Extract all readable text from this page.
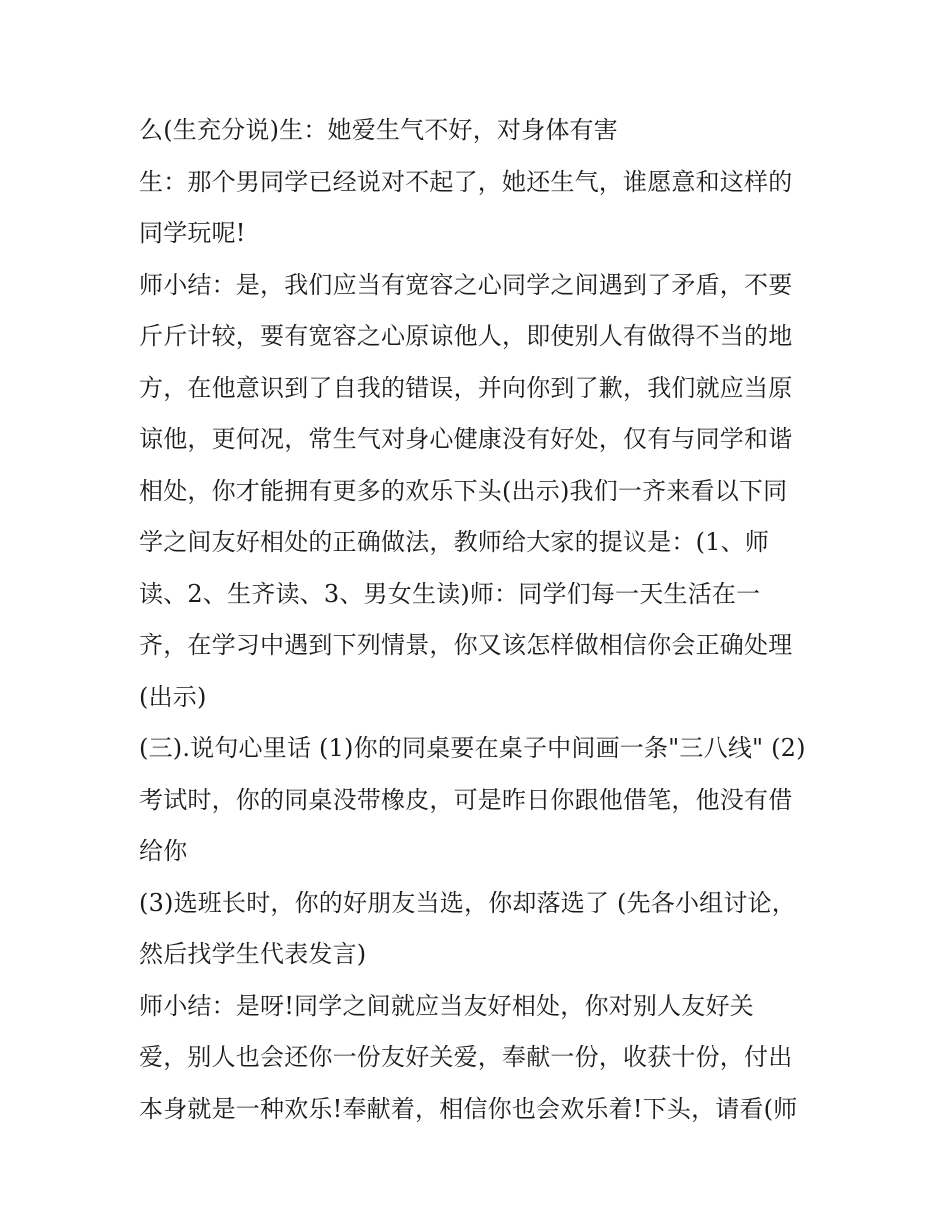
么(生充分说)生：她爱生气不好，对身体有害
生：那个男同学已经说对不起了，她还生气，谁愿意和这样的
同学玩呢!
师小结：是，我们应当有宽容之心同学之间遇到了矛盾，不要
斤斤计较，要有宽容之心原谅他人，即使别人有做得不当的地
方，在他意识到了自我的错误，并向你到了歉，我们就应当原
谅他，更何况，常生气对身心健康没有好处，仅有与同学和谐
相处，你才能拥有更多的欢乐下头(出示)我们一齐来看以下同
学之间友好相处的正确做法，教师给大家的提议是：(1、师
读、2、生齐读、3、男女生读)师：同学们每一天生活在一
齐，在学习中遇到下列情景，你又该怎样做相信你会正确处理
(出示)
(三).说句心里话 (1)你的同桌要在桌子中间画一条"三八线" (2)
考试时，你的同桌没带橡皮，可是昨日你跟他借笔，他没有借
给你
(3)选班长时，你的好朋友当选，你却落选了 (先各小组讨论，
然后找学生代表发言)
师小结：是呀!同学之间就应当友好相处，你对别人友好关
爱，别人也会还你一份友好关爱，奉献一份，收获十份，付出
本身就是一种欢乐!奉献着，相信你也会欢乐着!下头，请看(师
